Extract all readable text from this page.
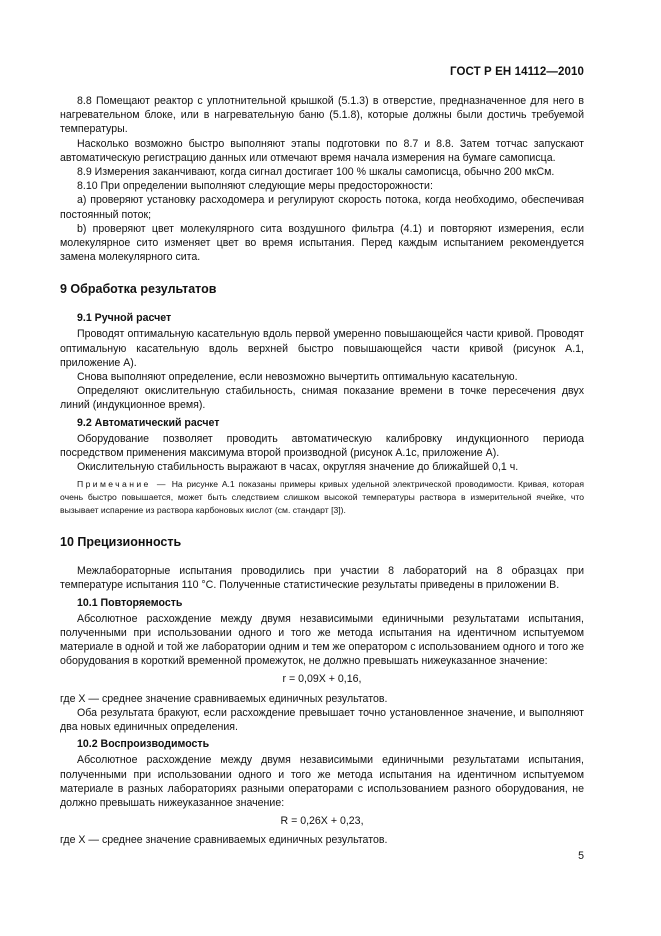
ГОСТ Р ЕН 14112—2010

8.8 Помещают реактор с уплотнительной крышкой (5.1.3) в отверстие, предназначенное для него в нагревательном блоке, или в нагревательную баню (5.1.8), которые должны были достичь требуемой температуры.

Насколько возможно быстро выполняют этапы подготовки по 8.7 и 8.8. Затем тотчас запускают автоматическую регистрацию данных или отмечают время начала измерения на бумаге самописца.

8.9 Измерения заканчивают, когда сигнал достигает 100 % шкалы самописца, обычно 200 мкСм.

8.10 При определении выполняют следующие меры предосторожности:

a) проверяют установку расходомера и регулируют скорость потока, когда необходимо, обеспечивая постоянный поток;

b) проверяют цвет молекулярного сита воздушного фильтра (4.1) и повторяют измерения, если молекулярное сито изменяет цвет во время испытания. Перед каждым испытанием рекомендуется замена молекулярного сита.

9 Обработка результатов
9.1 Ручной расчет

Проводят оптимальную касательную вдоль первой умеренно повышающейся части кривой. Проводят оптимальную касательную вдоль верхней быстро повышающейся части кривой (рисунок А.1, приложение А).

Снова выполняют определение, если невозможно вычертить оптимальную касательную.

Определяют окислительную стабильность, снимая показание времени в точке пересечения двух линий (индукционное время).

9.2 Автоматический расчет

Оборудование позволяет проводить автоматическую калибровку индукционного периода посредством применения максимума второй производной (рисунок А.1с, приложение А).

Окислительную стабильность выражают в часах, округляя значение до ближайшей 0,1 ч.

Примечание — На рисунке А.1 показаны примеры кривых удельной электрической проводимости. Кривая, которая очень быстро повышается, может быть следствием слишком высокой температуры раствора в измерительной ячейке, что вызывает испарение из раствора карбоновых кислот (см. стандарт [3]).

10 Прецизионность

Межлабораторные испытания проводились при участии 8 лабораторий на 8 образцах при температуре испытания 110 °С. Полученные статистические результаты приведены в приложении В.

10.1 Повторяемость

Абсолютное расхождение между двумя независимыми единичными результатами испытания, полученными при использовании одного и того же метода испытания на идентичном испытуемом материале в одной и той же лаборатории одним и тем же оператором с использованием одного и того же оборудования в короткий временной промежуток, не должно превышать нижеуказанное значение:

r = 0,09X + 0,16,

где X — среднее значение сравниваемых единичных результатов.

Оба результата бракуют, если расхождение превышает точно установленное значение, и выполняют два новых единичных определения.

10.2 Воспроизводимость

Абсолютное расхождение между двумя независимыми единичными результатами испытания, полученными при использовании одного и того же метода испытания на идентичном испытуемом материале в разных лабораториях разными операторами с использованием разного оборудования, не должно превышать нижеуказанное значение:

R = 0,26X + 0,23,

где X — среднее значение сравниваемых единичных результатов.

5
